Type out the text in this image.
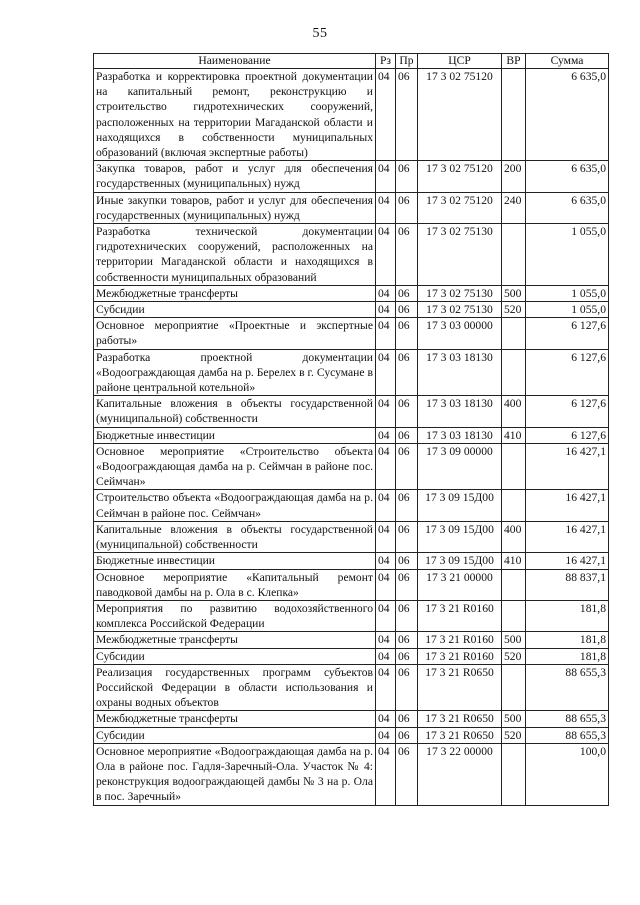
55
Наименование	Рз	Пр	ЦСР	ВР	Сумма
Разработка и корректировка проектной документации на капитальный ремонт, реконструкцию и строительство гидротехнических сооружений, расположенных на территории Магаданской области и находящихся в собственности муниципальных образований (включая экспертные работы)	04	06	17 3 02 75120		6 635,0
Закупка товаров, работ и услуг для обеспечения государственных (муниципальных) нужд	04	06	17 3 02 75120	200	6 635,0
Иные закупки товаров, работ и услуг для обеспечения государственных (муниципальных) нужд	04	06	17 3 02 75120	240	6 635,0
Разработка технической документации гидротехнических сооружений, расположенных на территории Магаданской области и находящихся в собственности муниципальных образований	04	06	17 3 02 75130		1 055,0
Межбюджетные трансферты	04	06	17 3 02 75130	500	1 055,0
Субсидии	04	06	17 3 02 75130	520	1 055,0
Основное мероприятие «Проектные и экспертные работы»	04	06	17 3 03 00000		6 127,6
Разработка проектной документации «Водоограждающая дамба на р. Берелех в г. Сусумане в районе центральной котельной»	04	06	17 3 03 18130		6 127,6
Капитальные вложения в объекты государственной (муниципальной) собственности	04	06	17 3 03 18130	400	6 127,6
Бюджетные инвестиции	04	06	17 3 03 18130	410	6 127,6
Основное мероприятие «Строительство объекта «Водоограждающая дамба на р. Сеймчан в районе пос. Сеймчан»	04	06	17 3 09 00000		16 427,1
Строительство объекта «Водоограждающая дамба на р. Сеймчан в районе пос. Сеймчан»	04	06	17 3 09 15Д00		16 427,1
Капитальные вложения в объекты государственной (муниципальной) собственности	04	06	17 3 09 15Д00	400	16 427,1
Бюджетные инвестиции	04	06	17 3 09 15Д00	410	16 427,1
Основное мероприятие «Капитальный ремонт паводковой дамбы на р. Ола в с. Клепка»	04	06	17 3 21 00000		88 837,1
Мероприятия по развитию водохозяйственного комплекса Российской Федерации	04	06	17 3 21 R0160		181,8
Межбюджетные трансферты	04	06	17 3 21 R0160	500	181,8
Субсидии	04	06	17 3 21 R0160	520	181,8
Реализация государственных программ субъектов Российской Федерации в области использования и охраны водных объектов	04	06	17 3 21 R0650		88 655,3
Межбюджетные трансферты	04	06	17 3 21 R0650	500	88 655,3
Субсидии	04	06	17 3 21 R0650	520	88 655,3
Основное мероприятие «Водоограждающая дамба на р. Ола в районе пос. Гадля-Заречный-Ола. Участок № 4: реконструкция водоограждающей дамбы № 3 на р. Ола в пос. Заречный»	04	06	17 3 22 00000		100,0
